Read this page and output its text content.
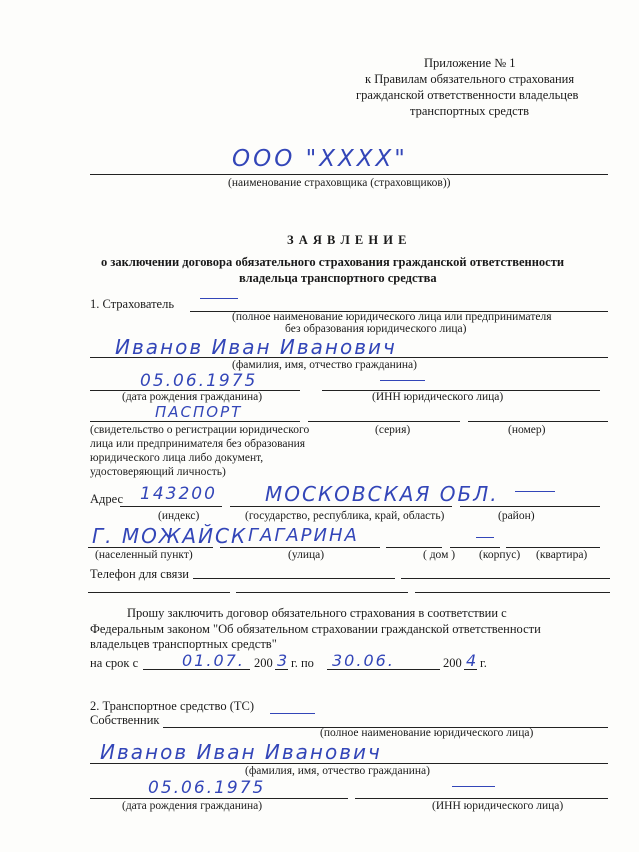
Приложение № 1
к Правилам обязательного страхования
гражданской ответственности владельцев
транспортных средств
ООО "XXXX"
(наименование страховщика (страховщиков))
З А Я В Л Е Н И Е
о заключении договора обязательного страхования гражданской ответственности
владельца транспортного средства
1. Страхователь
(полное наименование юридического лица или предпринимателя
без образования юридического лица)
Иванов Иван Иванович
(фамилия, имя, отчество гражданина)
05.06.1975
(дата рождения гражданина)	(ИНН юридического лица)
ПАСПОРТ
(свидетельство о регистрации юридического
лица или предпринимателя без образования
юридического лица либо документ,
удостоверяющий личность)
(серия)	(номер)
Адрес 143200 МОСКОВСКАЯ ОБЛ.
(индекс)	(государство, республика, край, область)	(район)
Г. МОЖАЙСК ГАГАРИНА
(населенный пункт)	(улица)	( дом ) (корпус) (квартира)
Телефон для связи
Прошу заключить договор обязательного страхования в соответствии с
Федеральным законом "Об обязательном страховании гражданской ответственности
владельцев транспортных средств"
на срок с	01.07. 200 3 г. по 30.06.	200 4 г.
2. Транспортное средство (ТС)
Собственник
(полное наименование юридического лица)
Иванов Иван Иванович
(фамилия, имя, отчество гражданина)
05.06.1975
(дата рождения гражданина)	(ИНН юридического лица)
